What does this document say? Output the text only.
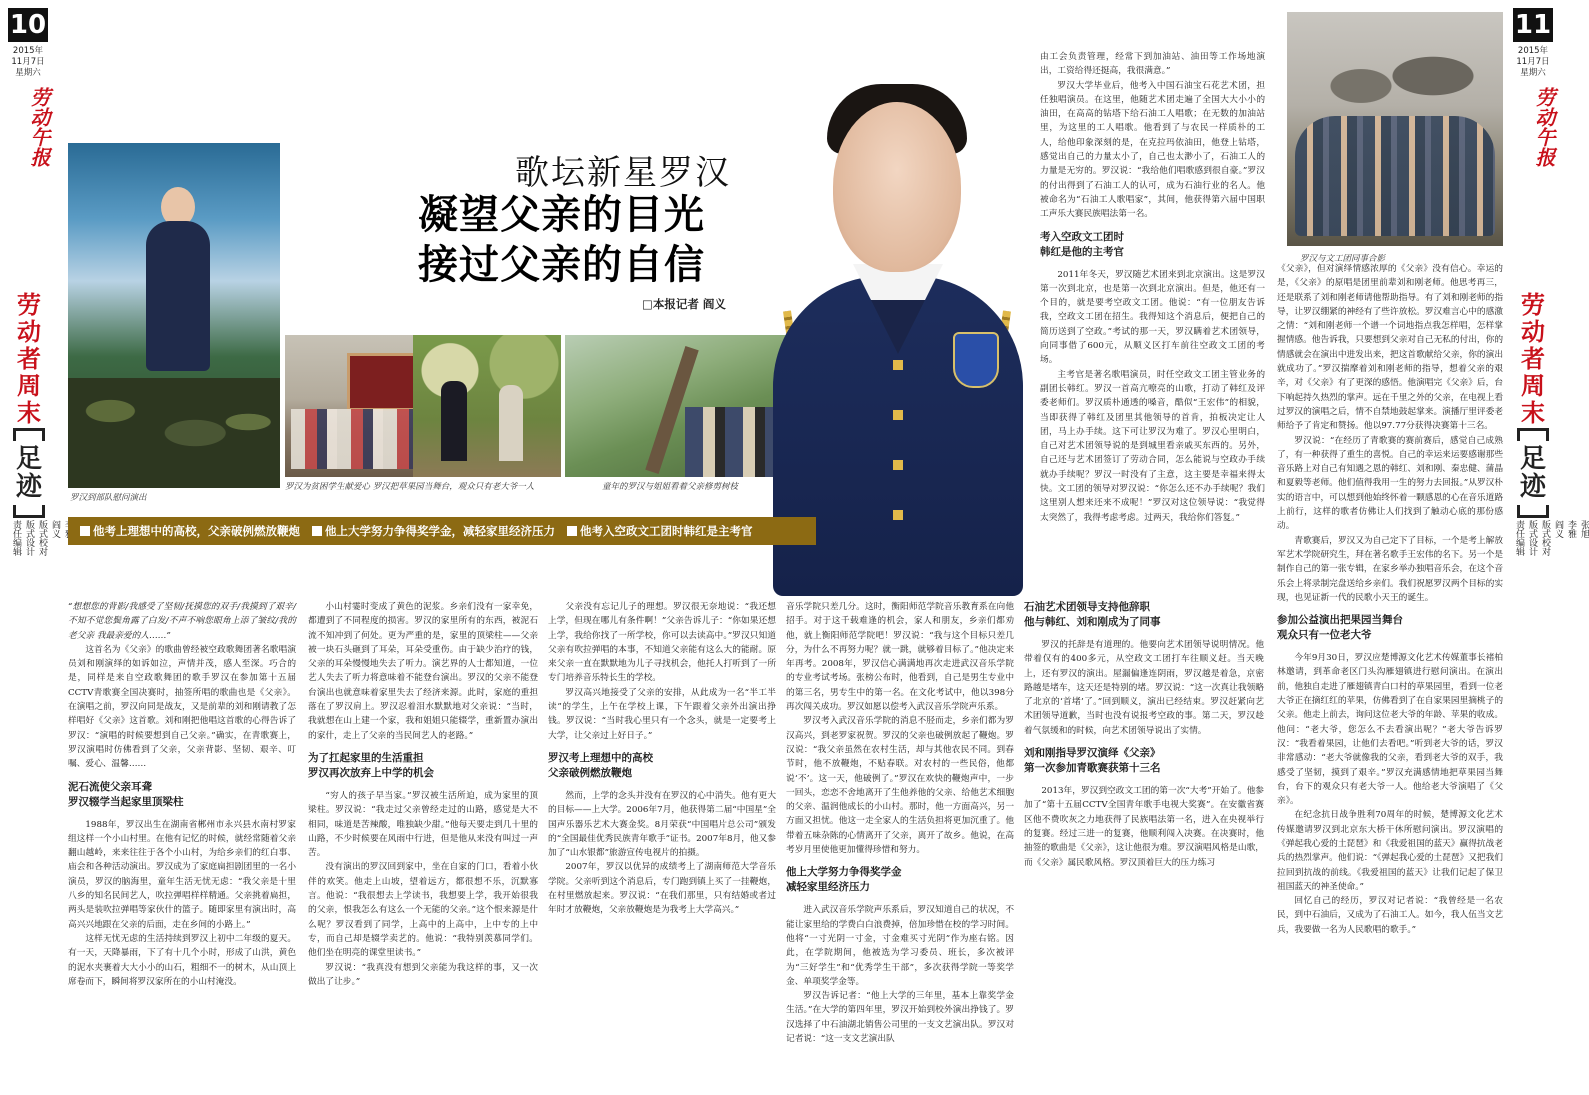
10
2015年
11月7日
星期六
劳动午报
劳动者周末
足迹
责任编辑 版式设计 版式校对 阎义
11
2015年
11月7日
星期六
劳动午报
劳动者周末
足迹
责任编辑 版式设计 版式校对 阎义 李雅 张旭
罗汉到部队慰问演出
罗汉为贫困学生献爱心 罗汉把草果园当舞台，观众只有老大爷一人	童年的罗汉与姐姐看着父亲修剪树枝
罗汉与文工团同事合影
歌坛新星罗汉
凝望父亲的目光
接过父亲的自信
□本报记者 阎义
他考上理想中的高校，父亲破例燃放鞭炮	他上大学努力争得奖学金，减轻家里经济压力	他考入空政文工团时韩红是主考官

“想想您的背影/我感受了坚韧/抚摸您的双手/我摸到了艰辛/不知不觉您鬓角露了白发/不声不响您眼角上添了皱纹/我的老父亲 我最亲爱的人……”

这首名为《父亲》的歌曲曾经被空政歌舞团著名歌唱演员刘和刚演绎的如诉如泣，声情并茂，感人至深。巧合的是，同样是来自空政歌舞团的歌手罗汉在参加第十五届CCTV青歌赛全国决赛时，抽签所唱的歌曲也是《父亲》。在演唱之前，罗汉向同是战友，又是前辈的刘和刚请教了怎样唱好《父亲》这首歌。刘和刚把他唱这首歌的心得告诉了罗汉：“演唱的时候要想到自己父亲。”确实，在青歌赛上，罗汉演唱时仿佛看到了父亲，父亲背影、坚韧、艰辛、叮嘱、爱心、温馨……

泥石流使父亲耳聋
罗汉辍学当起家里顶梁柱

1988年，罗汉出生在湖南省郴州市永兴县水南村罗家组这样一个小山村里。在他有记忆的时候，就经常随着父亲翻山越岭，来来往往于各个小山村，为给乡亲们的红白事、庙会和各种活动演出。罗汉成为了家庭扁担剧团里的一名小演员，罗汉的脑海里，童年生活无忧无虑：“我父亲是十里八乡的知名民间艺人，吹拉弹唱样样精通。父亲挑着扁担，两头是装吹拉弹唱等家伙什的篮子。随即家里有演出时，高高兴兴地跟在父亲的后面，走在乡间的小路上。”

这样无忧无虑的生活持续到罗汉上初中二年级的夏天。有一天，天降暴雨，下了有十几个小时，形成了山洪，黄色的泥水夹裹着大大小小的山石，粗细不一的树木，从山顶上席卷而下，瞬间将罗汉家所在的小山村淹没。

小山村霎时变成了黄色的泥浆。乡亲们没有一家幸免，都遭到了不同程度的损害。罗汉的家里所有的东西，被泥石流不知冲到了何处。更为严重的是，家里的顶梁柱——父亲被一块石头砸到了耳朵，耳朵受重伤。由于缺少治疗的钱，父亲的耳朵慢慢地失去了听力。演艺界的人士都知道，一位艺人失去了听力将意味着不能登台演出。罗汉的父亲不能登台演出也就意味着家里失去了经济来源。此时，家庭的重担落在了罗汉肩上。罗汉忍着泪水默默地对父亲说：“当时，我就想在山上建一个家，我和姐姐只能辍学，重新置办演出的家什，走上了父亲的当民间艺人的老路。”

为了扛起家里的生活重担
罗汉再次放弃上中学的机会

“穷人的孩子早当家。”罗汉被生活所迫，成为家里的顶梁柱。罗汉说：“我走过父亲曾经走过的山路，感觉是大不相同，味道是苦辣酸，唯独缺少甜。”他每天要走到几十里的山路，不少时候要在风雨中行进，但是他从来没有叫过一声苦。

没有演出的罗汉回到家中，坐在自家的门口，看着小伙伴的欢笑。他走上山坡，望着远方，都很想不乐，沉默寡言。他说：“我很想去上学读书，我想要上学，我开始很我的父亲，恨我怎么有这么一个无能的父亲。”这个恨来源是什么呢？罗汉看到了同学，上高中的上高中，上中专的上中专，而自己却是辍学卖艺的。他说：“我特别羡慕同学们。他们坐在明亮的课堂里读书。”

罗汉说：“我真没有想到父亲能为我这样的事，又一次做出了让步。”

父亲没有忘记儿子的理想。罗汉很无奈地说：“我还想上学，但现在哪儿有条件啊！”父亲告诉儿子：“你如果还想上学，我给你找了一所学校，你可以去读高中。”罗汉只知道父亲有吹拉弹唱的本事，不知道父亲能有这么大的能耐。原来父亲一直在默默地为儿子寻找机会，他托人打听到了一所专门培养音乐特长生的学校。

罗汉高兴地接受了父亲的安排，从此成为一名“半工半读”的学生，上午在学校上课，下午跟着父亲外出演出挣钱。罗汉说：“当时我心里只有一个念头，就是一定要考上大学，让父亲过上好日子。”

罗汉考上理想中的高校
父亲破例燃放鞭炮

然而，上学的念头并没有在罗汉的心中消失。他有更大的目标——上大学。2006年7月，他获得第二届“中国星”全国声乐器乐艺术大赛金奖。8月荣获“中国唱片总公司”颁发的“全国最佳优秀民族青年歌手”证书。2007年8月，他又参加了“山水银都”旅游宣传电视片的拍摄。

2007年，罗汉以优异的成绩考上了湖南师范大学音乐学院。父亲听到这个消息后，专门跑到镇上买了一挂鞭炮，在村里燃放起来。罗汉说：“在我们那里，只有结婚或者过年时才放鞭炮，父亲放鞭炮是为我考上大学高兴。”

由工会负责管理，经常下到加油站、油田等工作场地演出，工资给得还挺高，我很满意。”

罗汉大学毕业后，他考入中国石油宝石花艺术团，担任独唱演员。在这里，他随艺术团走遍了全国大大小小的油田，在高高的钻塔下给石油工人唱歌；在无数的加油站里，为这里的工人唱歌。他看到了与农民一样质朴的工人，给他印象深刻的是，在克拉玛依油田，他登上钻塔，感觉出自己的力量太小了，自己也太渺小了，石油工人的力量是无穷的。罗汉说：“我给他们唱歌感到很自豪。”罗汉的付出得到了石油工人的认可，成为石油行业的名人。他被命名为“石油工人歌唱家”，其间，他获得第六届中国职工声乐大赛民族唱法第一名。

考入空政文工团时
韩红是他的主考官

2011年冬天，罗汉随艺术团来到北京演出。这是罗汉第一次到北京，也是第一次到北京演出。但是，他还有一个目的，就是要考空政文工团。他说：“有一位朋友告诉我，空政文工团在招生。我得知这个消息后，便把自己的简历送到了空政。”考试的那一天，罗汉瞒着艺术团领导，向同事借了600元，从顺义区打车前往空政文工团的考场。

主考官是著名歌唱演员，时任空政文工团主管业务的副团长韩红。罗汉一首高亢嘹亮的山歌，打动了韩红及评委老师们。罗汉质朴通透的嗓音，酷似“王宏伟”的相貌，当即获得了韩红及团里其他领导的首肯，拍板决定让人团，马上办手续。这下可让罗汉为难了。罗汉心里明白，自己对艺术团领导说的是到城里看亲戚买东西的。另外，自己还与艺术团签订了劳动合同，怎么能说与空政办手续就办手续呢？罗汉一时没有了主意，这主要是幸福来得太快。文工团的领导对罗汉说：“你怎么还不办手续呢？我们这里别人想来还来不成呢！”罗汉对这位领导说：“我觉得太突然了，我得考虑考虑。过两天，我给你们答复。”

音乐学院只差几分。这时，衡阳师范学院音乐教育系在向他招手。对于这千载难逢的机会，家人和朋友，乡亲们都劝他，就上衡阳师范学院吧！罗汉说：“我与这个目标只差几分，为什么不再努力呢？就一跳，就够着目标了。”他决定来年再考。2008年，罗汉信心满满地再次走进武汉音乐学院的专业考试考场。张榜公布时，他看到，自己是男生专业中的第三名，男专生中的第一名。在文化考试中，他以398分再次闯关成功。罗汉如愿以偿考入武汉音乐学院声乐系。

罗汉考入武汉音乐学院的消息不胫而走，乡亲们都为罗汉高兴，到老罗家祝贺。罗汉的父亲也破例放起了鞭炮。罗汉说：“我父亲虽然在农村生活，却与其他农民不同。到春节时，他不放鞭炮，不贴春联。对农村的一些民俗，他都说‘不’。这一天，他破例了。”罗汉在欢快的鞭炮声中，一步一回头，恋恋不舍地离开了生他养他的父亲、给他艺术细胞的父亲、温润他成长的小山村。那时，他一方面高兴，另一方面又担忧。他这一走全家人的生活负担将更加沉重了。他带着五味杂陈的心情离开了父亲，离开了故乡。他说，在高考岁月里使他更加懂得珍惜和努力。

他上大学努力争得奖学金
减轻家里经济压力

进入武汉音乐学院声乐系后，罗汉知道自己的状况，不能让家里给的学费白白浪费掉，倍加珍惜在校的学习时间。他将“一寸光阴一寸金，寸金难买寸光阴”作为座右铭。因此，在学院期间，他被选为学习委员、班长，多次被评为“三好学生”和“优秀学生干部”，多次获得学院一等奖学金、单项奖学金等。

罗汉告诉记者：“他上大学的三年里，基本上靠奖学金生活。”在大学的第四年里，罗汉开始到校外演出挣钱了。罗汉选择了中石油湖北销售公司里的一支文艺演出队。罗汉对记者说：“这一支文艺演出队

石油艺术团领导支持他辞职
他与韩红、刘和刚成为了同事

罗汉的托辞是有道理的。他要向艺术团领导说明情况。他带着仅有的400多元，从空政文工团打车往顺义赶。当天晚上，还有罗汉的演出。屋漏偏逢连阴雨，罗汉越是着急，京密路越是堵车，这天还是特别的堵。罗汉说：“这一次真让我领略了北京的‘首堵’了。”回到顺义，演出已经结束。罗汉赶紧向艺术团领导道歉，当时也没有说报考空政的事。第二天，罗汉趁着气氛缓和的时候，向艺术团领导说出了实情。

刘和刚指导罗汉演绎《父亲》
第一次参加青歌赛获第十三名

2013年，罗汉到空政文工团的第一次“大考”开始了。他参加了“第十五届CCTV全国青年歌手电视大奖赛”。在安徽省赛区他不费吹灰之力地获得了民族唱法第一名，进入在央视举行的复赛。经过三进一的复赛，他顺利闯入决赛。在决赛时，他抽签的歌曲是《父亲》，这让他很为难。罗汉演唱风格是山歌，而《父亲》属民歌风格。罗汉顶着巨大的压力练习

《父亲》，但对演绎情感浓厚的《父亲》没有信心。幸运的是，《父亲》的原唱是团里前辈刘和刚老师。他思考再三，还是联系了刘和刚老师请他帮助指导。有了刘和刚老师的指导，让罗汉绷紧的神经有了些许放松。罗汉难言心中的感激之情：“刘和刚老师一个谱一个词地指点我怎样唱，怎样掌握情感。他告诉我，只要想到父亲对自己无私的付出，你的情感就会在演出中进发出来，把这首歌献给父亲，你的演出就成功了。”罗汉揣摩着刘和刚老师的指导，想着父亲的艰辛，对《父亲》有了更深的感悟。他演唱完《父亲》后，台下响起持久热烈的掌声。远在千里之外的父亲，在电视上看过罗汉的演唱之后，情不自禁地鼓起掌来。演播厅里评委老师给予了肯定和赞扬。他以97.77分获得决赛第十三名。

罗汉说：“在经历了青歌赛的赛前赛后，感觉自己成熟了，有一种获得了重生的喜悦。自己的幸运来运要感谢那些音乐路上对自己有知遇之恩的韩红、刘和刚、秦忠健、蒲晶和夏毅等老师。他们值得我用一生的努力去回报。”从罗汉朴实的语言中，可以想到他始终怀着一颗感恩的心在音乐道路上前行，这样的歌者仿佛让人们找到了触动心底的那份感动。

青歌赛后，罗汉又为自己定下了目标，一个是考上解放军艺术学院研究生，拜在著名歌手王宏伟的名下。另一个是制作自己的第一张专辑，在家乡举办独唱音乐会，在这个音乐会上将录制完盘送给乡亲们。我们祝愿罗汉两个目标的实现，也见证新一代的民歌小天王的诞生。

参加公益演出把果园当舞台
观众只有一位老大爷

今年9月30日，罗汉应楚博源文化艺术传媒董事长褚柏林邀请，到革命老区门头沟雁翅镇进行慰问演出。在演出前，他独自走进了雁翅镇青白口村的草果园里，看到一位老大爷正在摘红红的苹果，仿佛看到了在自家果园里摘桃子的父亲。他走上前去，询问这位老大爷的年龄、苹果的收成。他问：“老大爷，您怎么不去看演出呢？”老大爷告诉罗汉：“我看着果园，让他们去看吧。”听到老大爷的话，罗汉非常感动：“老大爷就像我的父亲，看到老大爷的双手，我感受了坚韧，摸到了艰辛。”罗汉充满感情地把草果园当舞台，台下的观众只有老大爷一人。他给老大爷演唱了《父亲》。

在纪念抗日战争胜利70周年的时候，楚博源文化艺术传媒邀请罗汉到北京东大桥干休所慰问演出。罗汉演唱的《弹起我心爱的土琵琶》和《我爱祖国的蓝天》赢得抗战老兵的热烈掌声。他们说：“《弹起我心爱的土琵琶》又把我们拉回到抗战的前线。《我爱祖国的蓝天》让我们记起了保卫祖国蓝天的神圣使命。”

回忆自己的经历，罗汉对记者说：“我曾经是一名农民，到中石油后，又成为了石油工人。如今，我人伍当文艺兵，我要做一名为人民歌唱的歌手。”
